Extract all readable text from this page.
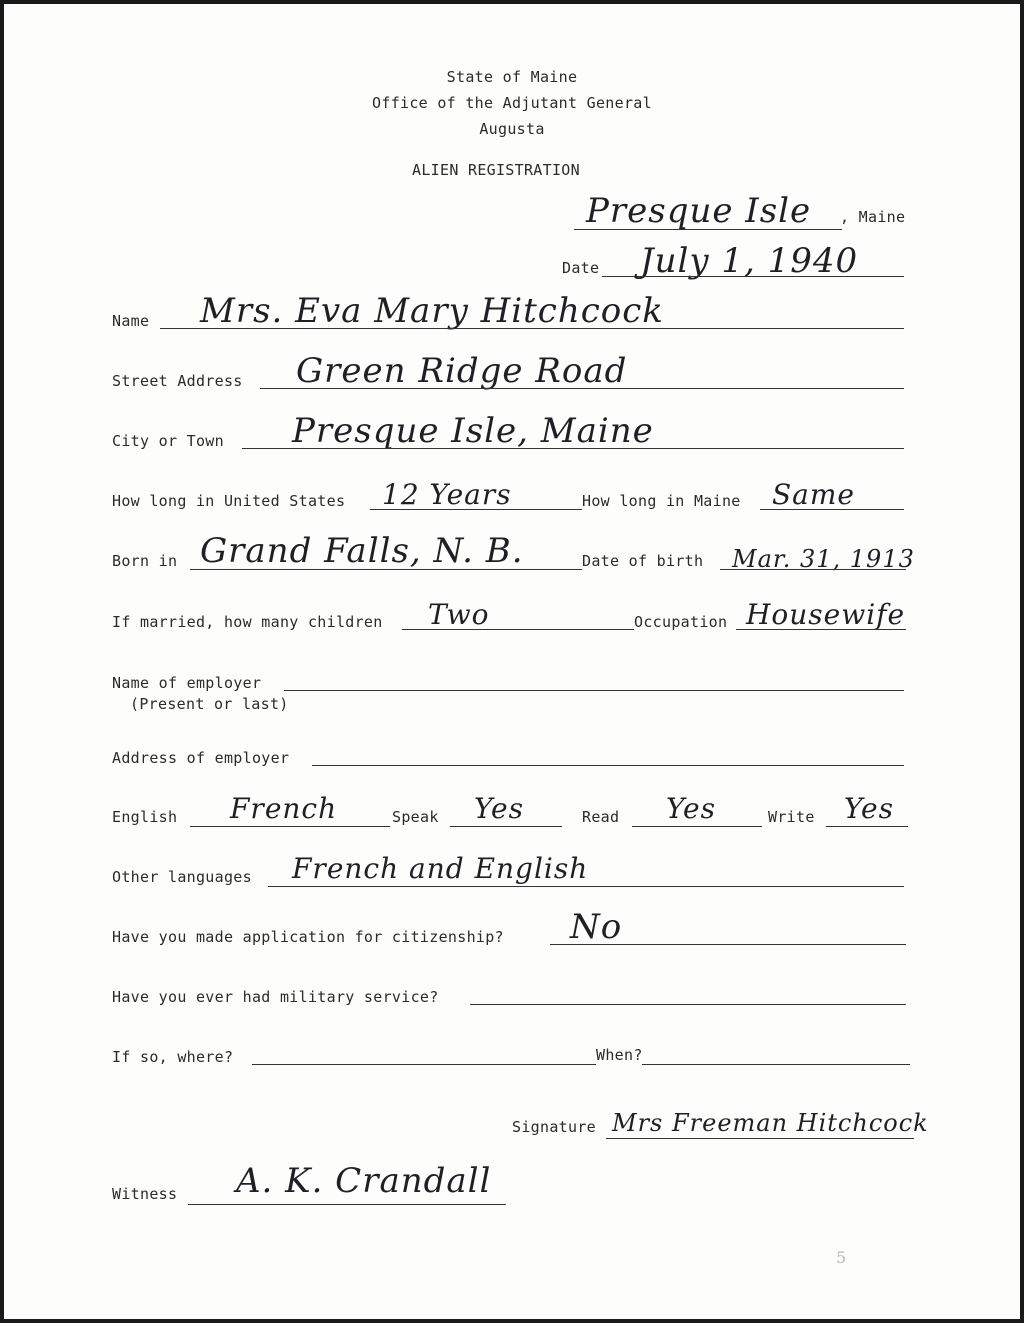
State of Maine
Office of the Adjutant General
Augusta
ALIEN REGISTRATION
Presque Isle , Maine
Date July 1, 1940
Name Mrs. Eva Mary Hitchcock
Street Address Green Ridge Road
City or Town Presque Isle, Maine
How long in United States 12 Years	How long in Maine Same
Born in Grand Falls, N. B.	Date of birth Mar. 31, 1913
If married, how many children Two	Occupation Housewife
Name of employer
(Present or last)
Address of employer
English French	Speak Yes	Read Yes	Write Yes
Other languages French and English
Have you made application for citizenship? No
Have you ever had military service?
If so, where?	When?
Signature Mrs Freeman Hitchcock
Witness A. K. Crandall
5
